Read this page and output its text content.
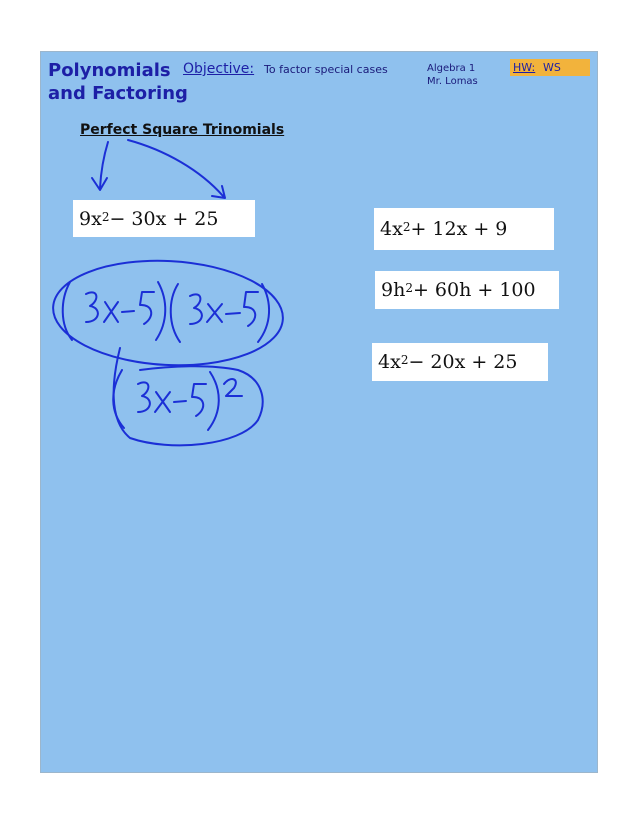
Polynomials
and Factoring
Objective: To factor special cases	Algebra 1
Mr. Lomas
HW: WS
Perfect Square Trinomials
$9x^2 - 30x + 25$	$4x^2 + 12x + 9$
$9h^2 + 60h + 100$
$4x^2 - 20x + 25$
